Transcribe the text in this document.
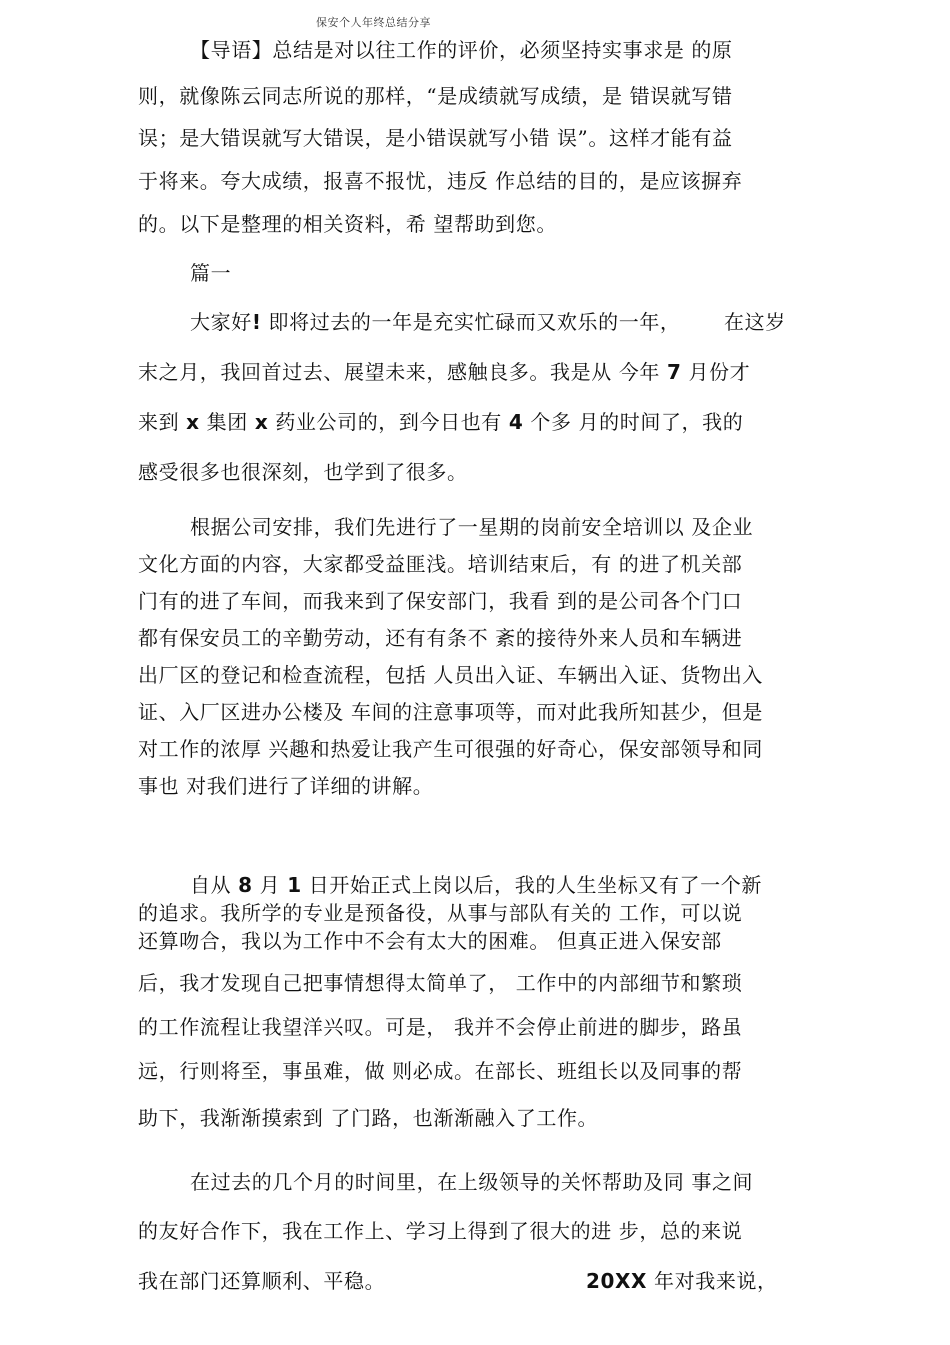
保安个人年终总结分享
【导语】总结是对以往工作的评价，必须坚持实事求是 的原
则，就像陈云同志所说的那样，“是成绩就写成绩，是 错误就写错
误；是大错误就写大错误，是小错误就写小错 误”。这样才能有益
于将来。夸大成绩，报喜不报忧，违反 作总结的目的，是应该摒弃
的。以下是整理的相关资料，希 望帮助到您。
篇一
大家好! 即将过去的一年是充实忙碌而又欢乐的一年， 在这岁
末之月，我回首过去、展望未来，感触良多。我是从 今年 7 月份才
来到 x 集团 x 药业公司的，到今日也有 4 个多 月的时间了，我的
感受很多也很深刻，也学到了很多。
根据公司安排，我们先进行了一星期的岗前安全培训以 及企业
文化方面的内容，大家都受益匪浅。培训结束后，有 的进了机关部
门有的进了车间，而我来到了保安部门，我看 到的是公司各个门口
都有保安员工的辛勤劳动，还有有条不 紊的接待外来人员和车辆进
出厂区的登记和检查流程，包括 人员出入证、车辆出入证、货物出入
证、入厂区进办公楼及 车间的注意事项等，而对此我所知甚少，但是
对工作的浓厚 兴趣和热爱让我产生可很强的好奇心，保安部领导和同
事也 对我们进行了详细的讲解。
自从 8 月 1 日开始正式上岗以后，我的人生坐标又有了一个新
的追求。我所学的专业是预备役，从事与部队有关的 工作，可以说
还算吻合，我以为工作中不会有太大的困难。 但真正进入保安部
后，我才发现自己把事情想得太简单了， 工作中的内部细节和繁琐
的工作流程让我望洋兴叹。可是， 我并不会停止前进的脚步，路虽
远，行则将至，事虽难，做 则必成。在部长、班组长以及同事的帮
助下，我渐渐摸索到 了门路，也渐渐融入了工作。
在过去的几个月的时间里，在上级领导的关怀帮助及同 事之间
的友好合作下，我在工作上、学习上得到了很大的进 步，总的来说
我在部门还算顺利、平稳。	20XX 年对我来说，
